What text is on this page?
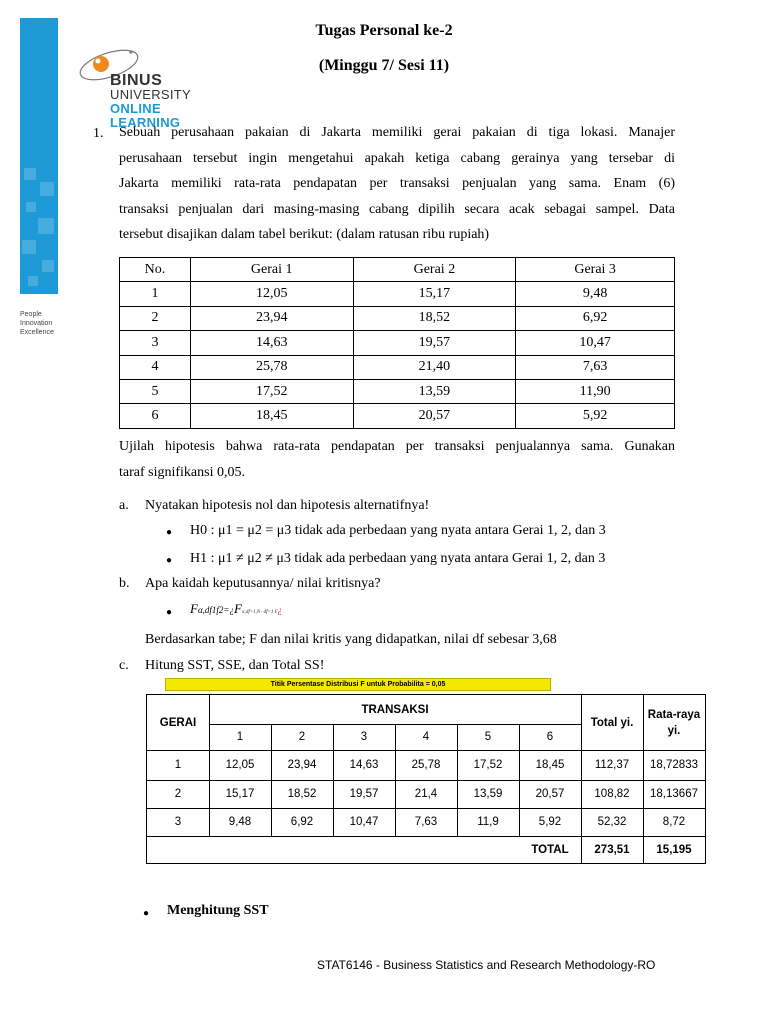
People
Innovation
Excellence
BINUS
UNIVERSITY
ONLINE
LEARNING
Tugas Personal ke-2
(Minggu 7/ Sesi 11)
1. Sebuah perusahaan pakaian di Jakarta memiliki gerai pakaian di tiga lokasi. Manajer
perusahaan tersebut ingin mengetahui apakah ketiga cabang gerainya yang tersebar di
Jakarta memiliki rata-rata pendapatan per transaksi penjualan yang sama. Enam (6)
transaksi penjualan dari masing-masing cabang dipilih secara acak sebagai sampel. Data
tersebut disajikan dalam tabel berikut: (dalam ratusan ribu rupiah)
No.	Gerai 1	Gerai 2	Gerai 3
1	12,05	15,17	9,48
2	23,94	18,52	6,92
3	14,63	19,57	10,47
4	25,78	21,40	7,63
5	17,52	13,59	11,90
6	18,45	20,57	5,92
Ujilah hipotesis bahwa rata-rata pendapatan per transaksi penjualannya sama. Gunakan
taraf signifikansi 0,05.
a. Nyatakan hipotesis nol dan hipotesis alternatifnya!
● H0 : μ1 = μ2 = μ3 tidak ada perbedaan yang nyata antara Gerai 1, 2, dan 3
● H1 : μ1 ≠ μ2 ≠ μ3 tidak ada perbedaan yang nyata antara Gerai 1, 2, dan 3
b. Apa kaidah keputusannya/ nilai kritisnya?
● Fα,df1f2=¿Fα,df=1,N−df=1 F¿
Berdasarkan tabe; F dan nilai kritis yang didapatkan, nilai df sebesar 3,68
c. Hitung SST, SSE, dan Total SS!
Titik Persentase Distribusi F untuk Probabilita = 0,05
GERAI
TRANSAKSI
Total yi.
Rata-raya yi.
1	2	3	4	5	6
1	12,05	23,94	14,63	25,78	17,52	18,45	112,37	18,72833
2	15,17	18,52	19,57	21,4	13,59	20,57	108,82	18,13667
3	9,48	6,92	10,47	7,63	11,9	5,92	52,32	8,72
TOTAL	273,51	15,195
● Menghitung SST
STAT6146 - Business Statistics and Research Methodology-RO
